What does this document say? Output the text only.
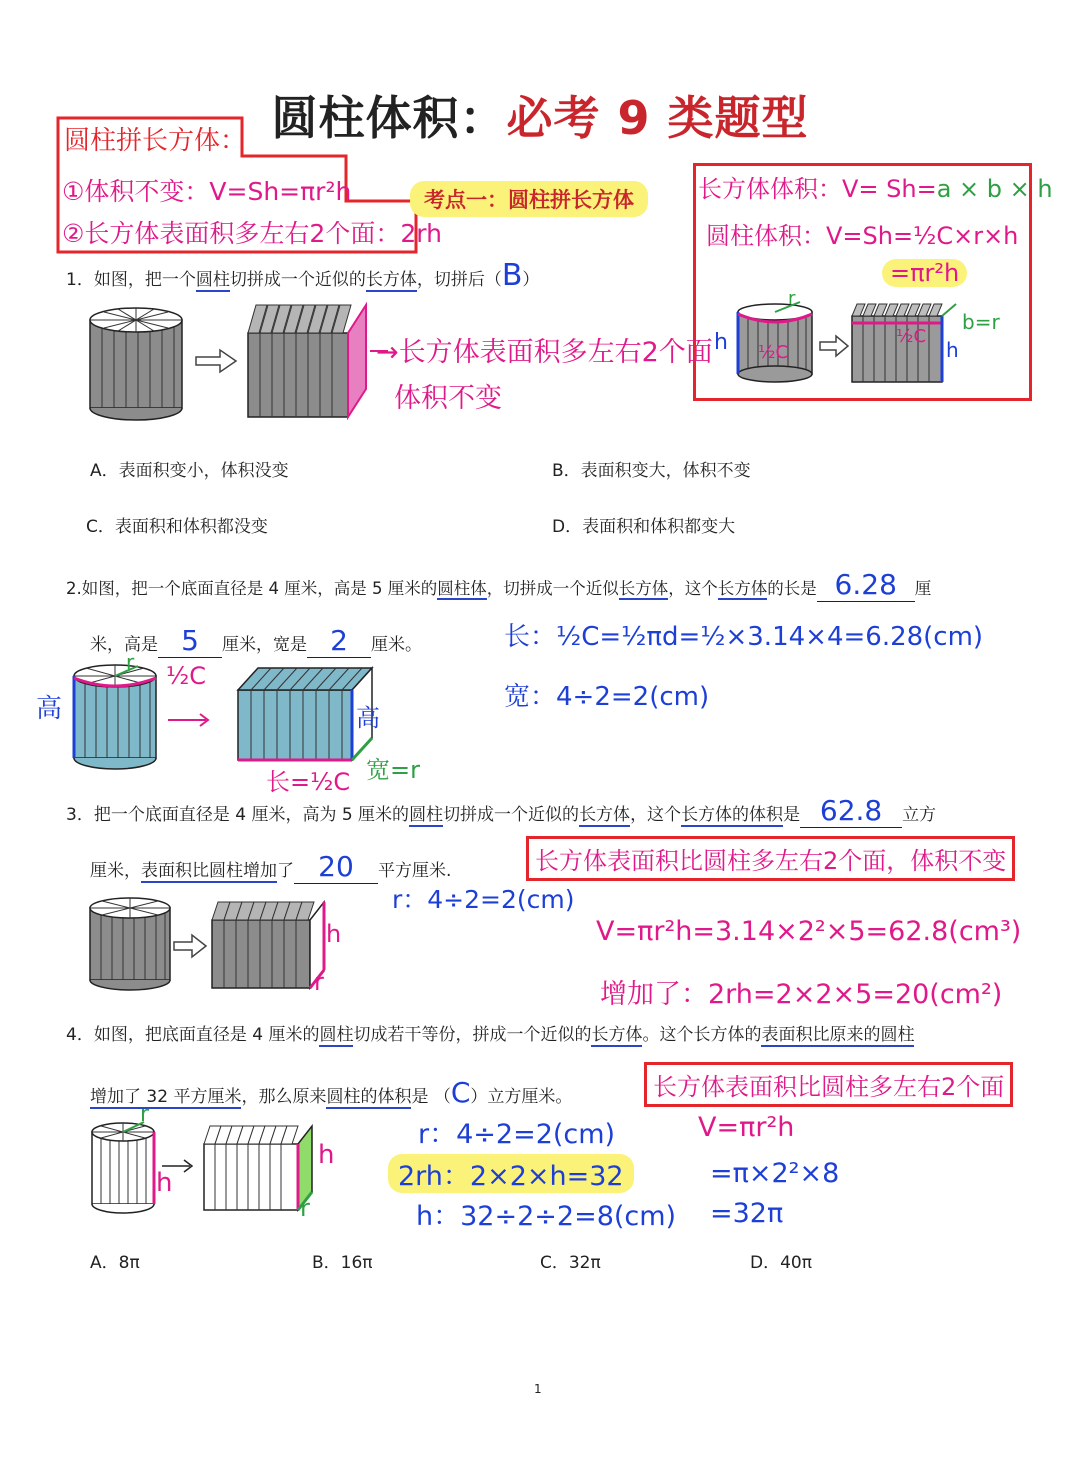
圆柱体积：必考 9 类题型
圆柱拼长方体：
①体积不变：V=Sh=πr²h
②长方体表面积多左右2个面：2rh
考点一：圆柱拼长方体	长方体体积：V= Sh=a × b × h
圆柱体积：V=Sh=½C×r×h
=πr²h
h ½C
r
½C
h
b=r
1．如图，把一个圆柱切拼成一个近似的长方体，切拼后（B）
→长方体表面积多左右2个面
体积不变
A．表面积变小，体积没变	B．表面积变大，体积不变
C．表面积和体积都没变	D．表面积和体积都变大
2.如图，把一个底面直径是 4 厘米，高是 5 厘米的圆柱体，切拼成一个近似长方体，这个长方体的长是 6.28 厘
米，高是 5 厘米，宽是 2 厘米。	长：½C=½πd=½×3.14×4=6.28(cm)
宽：4÷2=2(cm)
高
r ½C
高
长=½C 宽=r
3．把一个底面直径是 4 厘米，高为 5 厘米的圆柱切拼成一个近似的长方体，这个长方体的体积是 62.8 立方
厘米，表面积比圆柱增加了 20 平方厘米.	长方体表面积比圆柱多左右2个面，体积不变
r：4÷2=2(cm)
V=πr²h=3.14×2²×5=62.8(cm³)
增加了：2rh=2×2×5=20(cm²)
h
r
4．如图，把底面直径是 4 厘米的圆柱切成若干等份，拼成一个近似的长方体。这个长方体的表面积比原来的圆柱
增加了 32 平方厘米，那么原来圆柱的体积是 （C）立方厘米。	长方体表面积比圆柱多左右2个面
r：4÷2=2(cm)
2rh：2×2×h=32
h：32÷2÷2=8(cm)
V=πr²h
=π×2²×8
=32π
r
h
h
r
A．8π	B．16π	C．32π	D．40π
1
